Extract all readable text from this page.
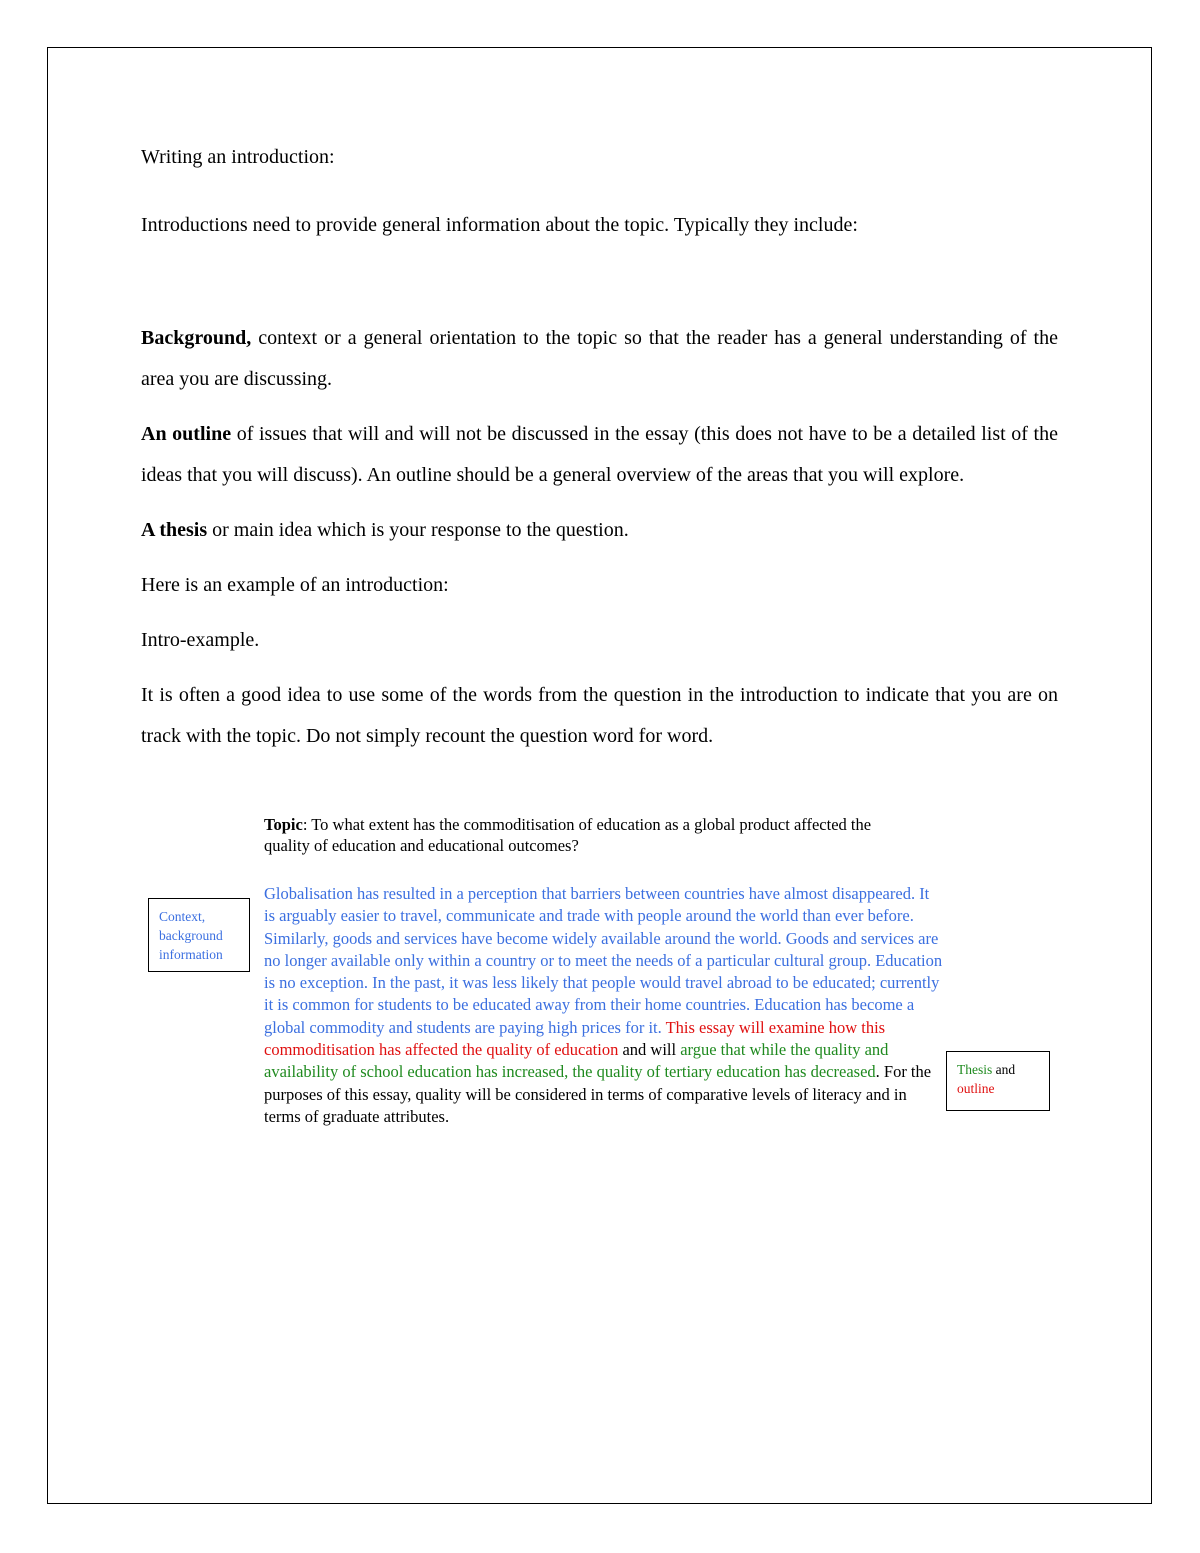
Writing an introduction:

Introductions need to provide general information about the topic. Typically they include:

Background, context or a general orientation to the topic so that the reader has a general understanding of the area you are discussing.

An outline of issues that will and will not be discussed in the essay (this does not have to be a detailed list of the ideas that you will discuss). An outline should be a general overview of the areas that you will explore.

A thesis or main idea which is your response to the question.

Here is an example of an introduction:

Intro-example.

It is often a good idea to use some of the words from the question in the introduction to indicate that you are on track with the topic. Do not simply recount the question word for word.

Topic: To what extent has the commoditisation of education as a global product affected the quality of education and educational outcomes?
Globalisation has resulted in a perception that barriers between countries have almost disappeared. It is arguably easier to travel, communicate and trade with people around the world than ever before. Similarly, goods and services have become widely available around the world. Goods and services are no longer available only within a country or to meet the needs of a particular cultural group. Education is no exception. In the past, it was less likely that people would travel abroad to be educated; currently it is common for students to be educated away from their home countries. Education has become a global commodity and students are paying high prices for it. This essay will examine how this commoditisation has affected the quality of education and will argue that while the quality and availability of school education has increased, the quality of tertiary education has decreased. For the purposes of this essay, quality will be considered in terms of comparative levels of literacy and in terms of graduate attributes.
Context, background information
Thesis and
outline
